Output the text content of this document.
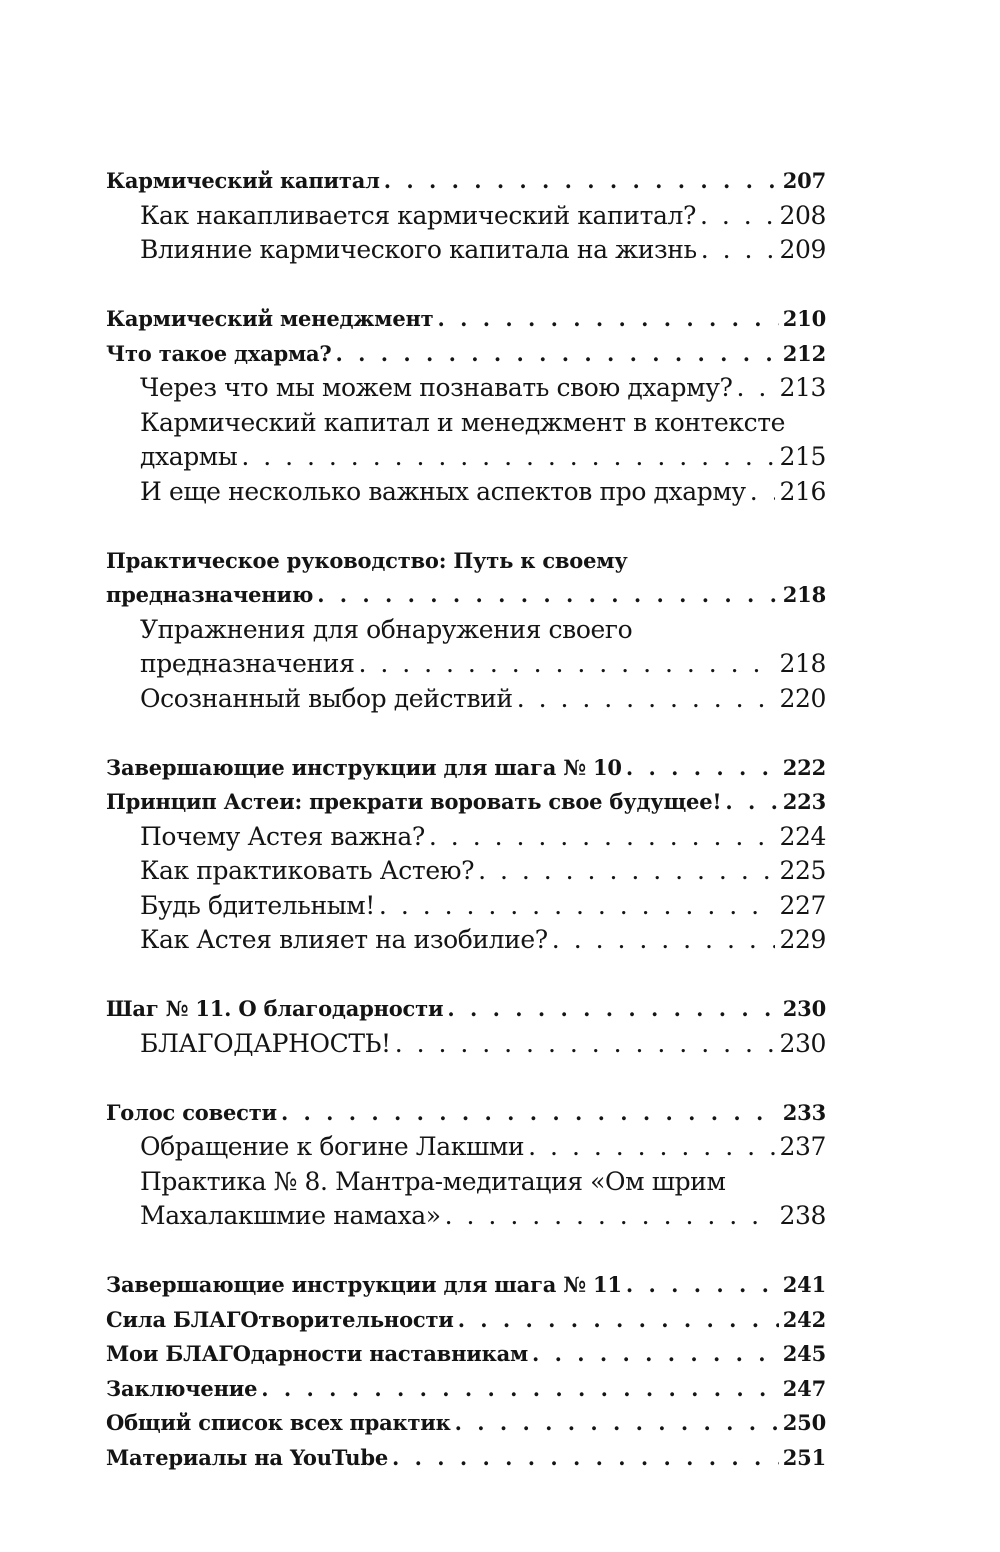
Кармический капитал . . .	207
Как накапливается кармический капитал? . . .	208
Влияние кармического капитала на жизнь . . .	209
Кармический менеджмент . . .	210
Что такое дхарма? . . .	212
Через что мы можем познавать свою дхарму? . . . 213
Кармический капитал и менеджмент в контексте
дхармы . . .	215
И еще несколько важных аспектов про дхарму . . . 216
Практическое руководство: Путь к своему
предназначению . . .	218
Упражнения для обнаружения своего
предназначения . . .	218
Осознанный выбор действий . . .	220
Завершающие инструкции для шага № 10 . . .	222
Принцип Астеи: прекрати воровать свое будущее! . . .	223
Почему Астея важна? . . .	224
Как практиковать Астею? . . .	225
Будь бдительным! . . .	227
Как Астея влияет на изобилие? . . .	229
Шаг № 11. О благодарности . . .	230
БЛАГОДАРНОСТЬ! . . .	230
Голос совести . . .	233
Обращение к богине Лакшми . . .	237
Практика № 8. Мантра-медитация «Ом шрим
Махалакшмие намаха» . . .	238
Завершающие инструкции для шага № 11 . . .	241
Сила БЛАГОтворительности . . .	242
Мои БЛАГОдарности наставникам . . .	245
Заключение . . .	247
Общий список всех практик . . .	250
Материалы на YouTube . . .	251
